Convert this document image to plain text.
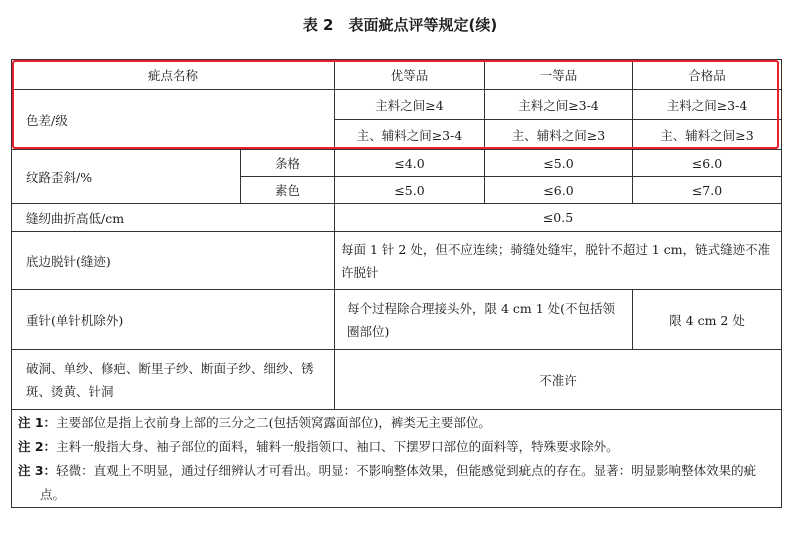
表 2　表面疵点评等规定(续)
疵点名称		优等品	一等品	合格品
色差/级		主料之间≥4	主料之间≥3-4	主料之间≥3-4
		主、辅料之间≥3-4	主、辅料之间≥3	主、辅料之间≥3
纹路歪斜/%	条格	≤4.0	≤5.0	≤6.0
	素色	≤5.0	≤6.0	≤7.0
缝纫曲折高低/cm		≤0.5		
底边脱针(缝迹)		每面 1 针 2 处，但不应连续；骑缝处缝牢，脱针不超过 1 cm，链式缝迹不准许脱针		
重针(单针机除外)		每个过程除合理接头外，限 4 cm 1 处(不包括领圈部位)		限 4 cm 2 处
破洞、单纱、修疤、断里子纱、断面子纱、细纱、锈斑、烫黄、针洞		不准许		

注 1：主要部位是指上衣前身上部的三分之二(包括领窝露面部位)，裤类无主要部位。
注 2：主料一般指大身、袖子部位的面料，辅料一般指领口、袖口、下摆罗口部位的面料等，特殊要求除外。
注 3：轻微：直观上不明显，通过仔细辨认才可看出。明显：不影响整体效果，但能感觉到疵点的存在。显著：明显影响整体效果的疵点。				
